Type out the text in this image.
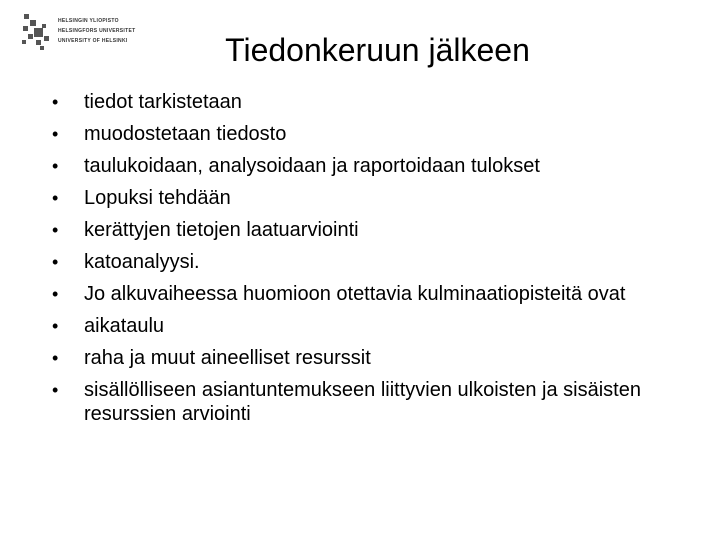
HELSINGIN YLIOPISTO
HELSINGFORS UNIVERSITET
UNIVERSITY OF HELSINKI	Tiedonkeruun jälkeen
•	tiedot tarkistetaan
•	muodostetaan tiedosto
•	taulukoidaan, analysoidaan ja raportoidaan tulokset
•	Lopuksi tehdään
•	kerättyjen tietojen laatuarviointi
•	katoanalyysi.
•	Jo alkuvaiheessa huomioon otettavia kulminaatiopisteitä ovat
•	aikataulu
•	raha ja muut aineelliset resurssit
•	sisällölliseen asiantuntemukseen liittyvien ulkoisten ja sisäisten resurssien arviointi
